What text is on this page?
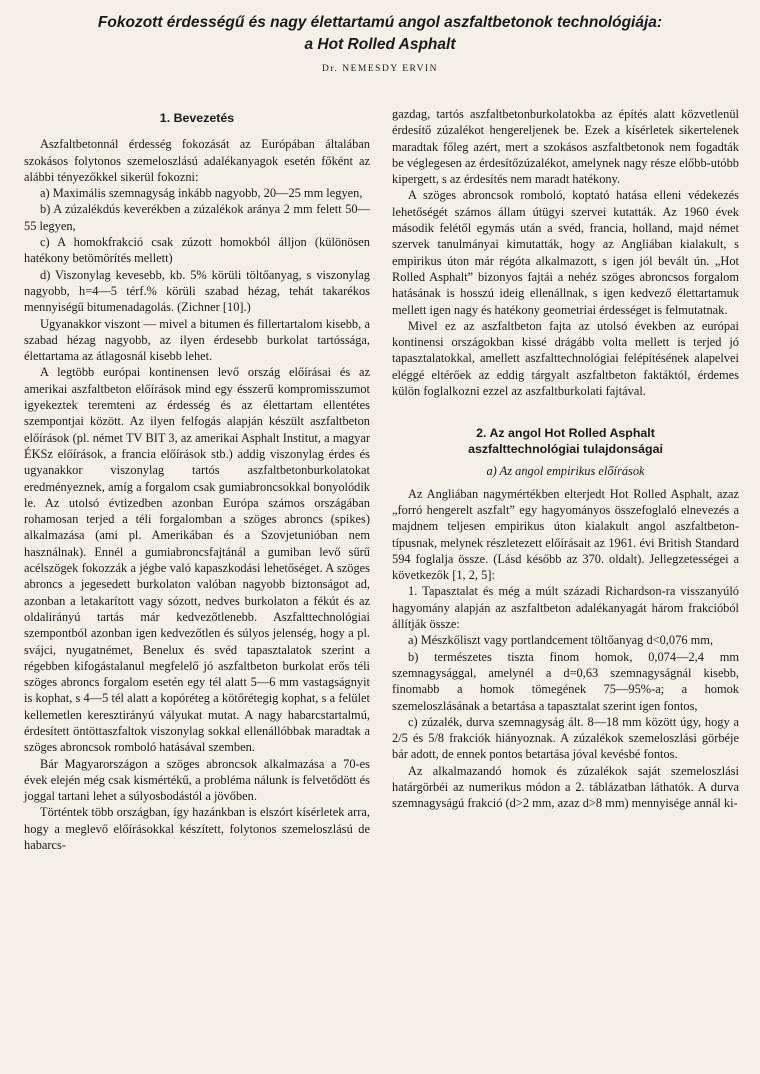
Fokozott érdességű és nagy élettartamú angol aszfaltbetonok technológiája:
a Hot Rolled Asphalt
Dr. NEMESDY ERVIN

1. Bevezetés

Aszfaltbetonnál érdesség fokozását az Európában általában szokásos folytonos szemeloszlású adalékanyagok esetén főként az alábbi tényezőkkel sikerül fokozni:

a) Maximális szemnagyság inkább nagyobb, 20—25 mm legyen,

b) A zúzalékdús keverékben a zúzalékok aránya 2 mm felett 50—55 legyen,

c) A homokfrakció csak zúzott homokból álljon (különösen hatékony betömörítés mellett)

d) Viszonylag kevesebb, kb. 5% körüli töltőanyag, s viszonylag nagyobb, h=4—5 térf.% körüli szabad hézag, tehát takarékos mennyiségű bitumenadagolás. (Zichner [10].)

Ugyanakkor viszont — mivel a bitumen és fillertartalom kisebb, a szabad hézag nagyobb, az ilyen érdesebb burkolat tartóssága, élettartama az átlagosnál kisebb lehet.

A legtöbb európai kontinensen levő ország előírásai és az amerikai aszfaltbeton előírások mind egy ésszerű kompromisszumot igyekeztek teremteni az érdesség és az élettartam ellentétes szempontjai között. Az ilyen felfogás alapján készült aszfaltbeton előírások (pl. német TV BIT 3, az amerikai Asphalt Institut, a magyar ÉKSz előírások, a francia előírások stb.) addig viszonylag érdes és ugyanakkor viszonylag tartós aszfaltbetonburkolatokat eredményeznek, amíg a forgalom csak gumiabroncsokkal bonyolódik le. Az utolsó évtizedben azonban Európa számos országában rohamosan terjed a téli forgalomban a szöges abroncs (spikes) alkalmazása (ami pl. Amerikában és a Szovjetunióban nem használnak). Ennél a gumiabroncsfajtánál a gumiban levő sűrű acélszögek fokozzák a jégbe való kapaszkodási lehetőséget. A szöges abroncs a jegesedett burkolaton valóban nagyobb biztonságot ad, azonban a letakarított vagy sózott, nedves burkolaton a fékút és az oldalirányú tartás már kedvezőtlenebb. Aszfalttechnológiai szempontból azonban igen kedvezőtlen és súlyos jelenség, hogy a pl. svájci, nyugatnémet, Benelux és svéd tapasztalatok szerint a régebben kifogástalanul megfelelő jó aszfaltbeton burkolat erős téli szöges abroncs forgalom esetén egy tél alatt 5—6 mm vastagságnyit is kophat, s 4—5 tél alatt a kopóréteg a kötőrétegig kophat, s a felület kellemetlen keresztirányú vályukat mutat. A nagy habarcstartalmú, érdesített öntöttaszfaltok viszonylag sokkal ellenállóbbak maradtak a szöges abroncsok romboló hatásával szemben.

Bár Magyarországon a szöges abroncsok alkalmazása a 70-es évek elején még csak kismértékű, a probléma nálunk is felvetődött és joggal tartani lehet a súlyosbodástól a jövőben.

Történtek több országban, így hazánkban is elszórt kísérletek arra, hogy a meglevő előírásokkal készített, folytonos szemeloszlású de habarcs-

gazdag, tartós aszfaltbetonburkolatokba az építés alatt közvetlenül érdesítő zúzalékot hengereljenek be. Ezek a kísérletek sikertelenek maradtak főleg azért, mert a szokásos aszfaltbetonok nem fogadták be véglegesen az érdesítőzúzalékot, amelynek nagy része előbb-utóbb kipergett, s az érdesítés nem maradt hatékony.

A szöges abroncsok romboló, koptató hatása elleni védekezés lehetőségét számos állam útügyi szervei kutatták. Az 1960 évek második felétől egymás után a svéd, francia, holland, majd német szervek tanulmányai kimutatták, hogy az Angliában kialakult, s empirikus úton már régóta alkalmazott, s igen jól bevált ún. „Hot Rolled Asphalt” bizonyos fajtái a nehéz szöges abroncsos forgalom hatásának is hosszú ideig ellenállnak, s igen kedvező élettartamuk mellett igen nagy és hatékony geometriai érdességet is felmutatnak.

Mivel ez az aszfaltbeton fajta az utolsó években az európai kontinensi országokban kissé drágább volta mellett is terjed jó tapasztalatokkal, amellett aszfalttechnológiai felépítésének alapelvei eléggé eltérőek az eddig tárgyalt aszfaltbeton faktáktól, érdemes külön foglalkozni ezzel az aszfaltburkolati fajtával.

2. Az angol Hot Rolled Asphalt
aszfalttechnológiai tulajdonságai

a) Az angol empirikus előírások

Az Angliában nagymértékben elterjedt Hot Rolled Asphalt, azaz „forró hengerelt aszfalt” egy hagyományos összefoglaló elnevezés a majdnem teljesen empirikus úton kialakult angol aszfaltbeton-típusnak, melynek részletezett előírásait az 1961. évi British Standard 594 foglalja össze. (Lásd később az 370. oldalt). Jellegzetességei a következők [1, 2, 5]:

1. Tapasztalat és még a múlt századi Richardson-ra visszanyúló hagyomány alapján az aszfaltbeton adalékanyagát három frakcióból állítják össze:

a) Mészkőliszt vagy portlandcement töltőanyag d<0,076 mm,

b) természetes tiszta finom homok, 0,074—2,4 mm szemnagysággal, amelynél a d=0,63 szemnagyságnál kisebb, finomabb a homok tömegének 75—95%-a; a homok szemeloszlásának a betartása a tapasztalat szerint igen fontos,

c) zúzalék, durva szemnagyság ált. 8—18 mm között úgy, hogy a 2/5 és 5/8 frakciók hiányoznak. A zúzalékok szemeloszlási görbéje bár adott, de ennek pontos betartása jóval kevésbé fontos.

Az alkalmazandó homok és zúzalékok saját szemeloszlási határgörbéi az numerikus módon a 2. táblázatban láthatók. A durva szemnagyságú frakció (d>2 mm, azaz d>8 mm) mennyisége annál ki-
